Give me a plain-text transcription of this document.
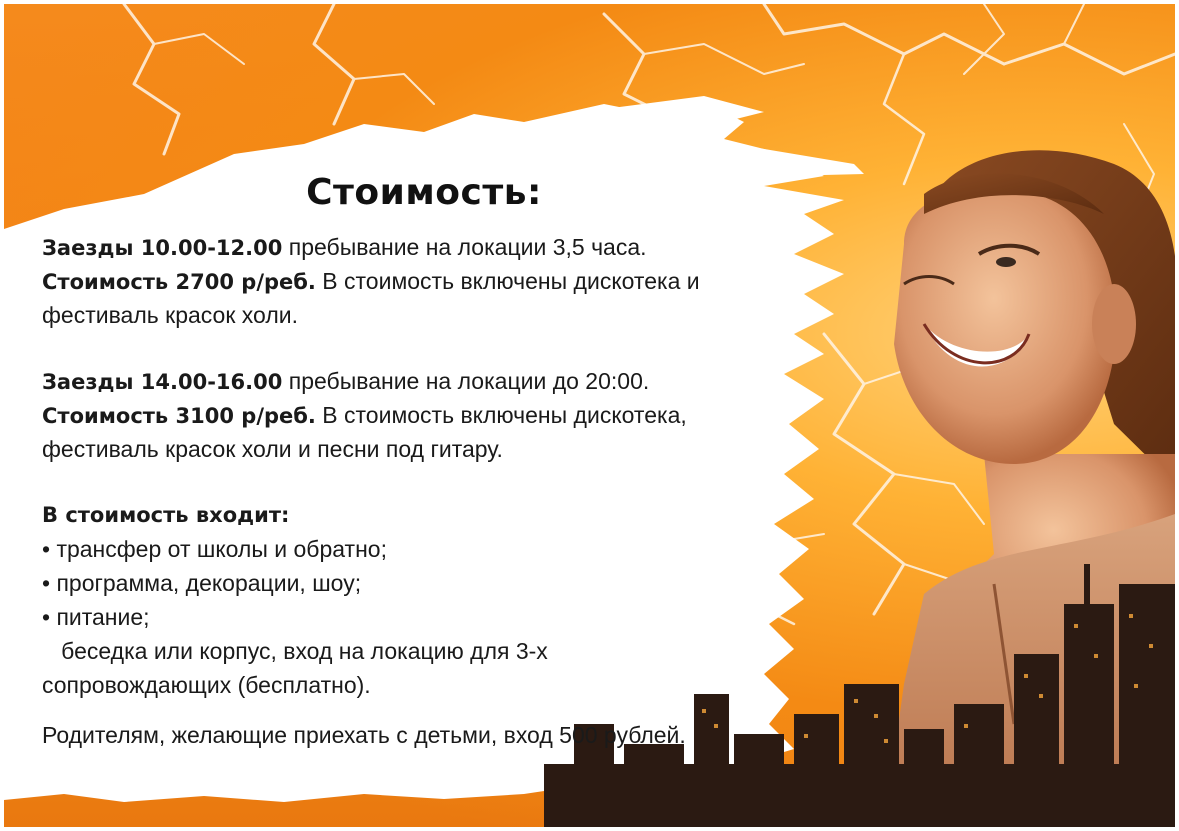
Стоимость:
Заезды 10.00-12.00 пребывание на локации 3,5 часа.
Стоимость 2700 р/реб. В стоимость включены дискотека и
фестиваль красок холи.
Заезды 14.00-16.00 пребывание на локации до 20:00.
Стоимость 3100 р/реб. В стоимость включены дискотека,
фестиваль красок холи и песни под гитару.
В стоимость входит:
• трансфер от школы и обратно;
• программа, декорации, шоу;
• питание;
беседка или корпус, вход на локацию для 3-х
сопровождающих (бесплатно).
Родителям, желающие приехать с детьми, вход 500 рублей.
